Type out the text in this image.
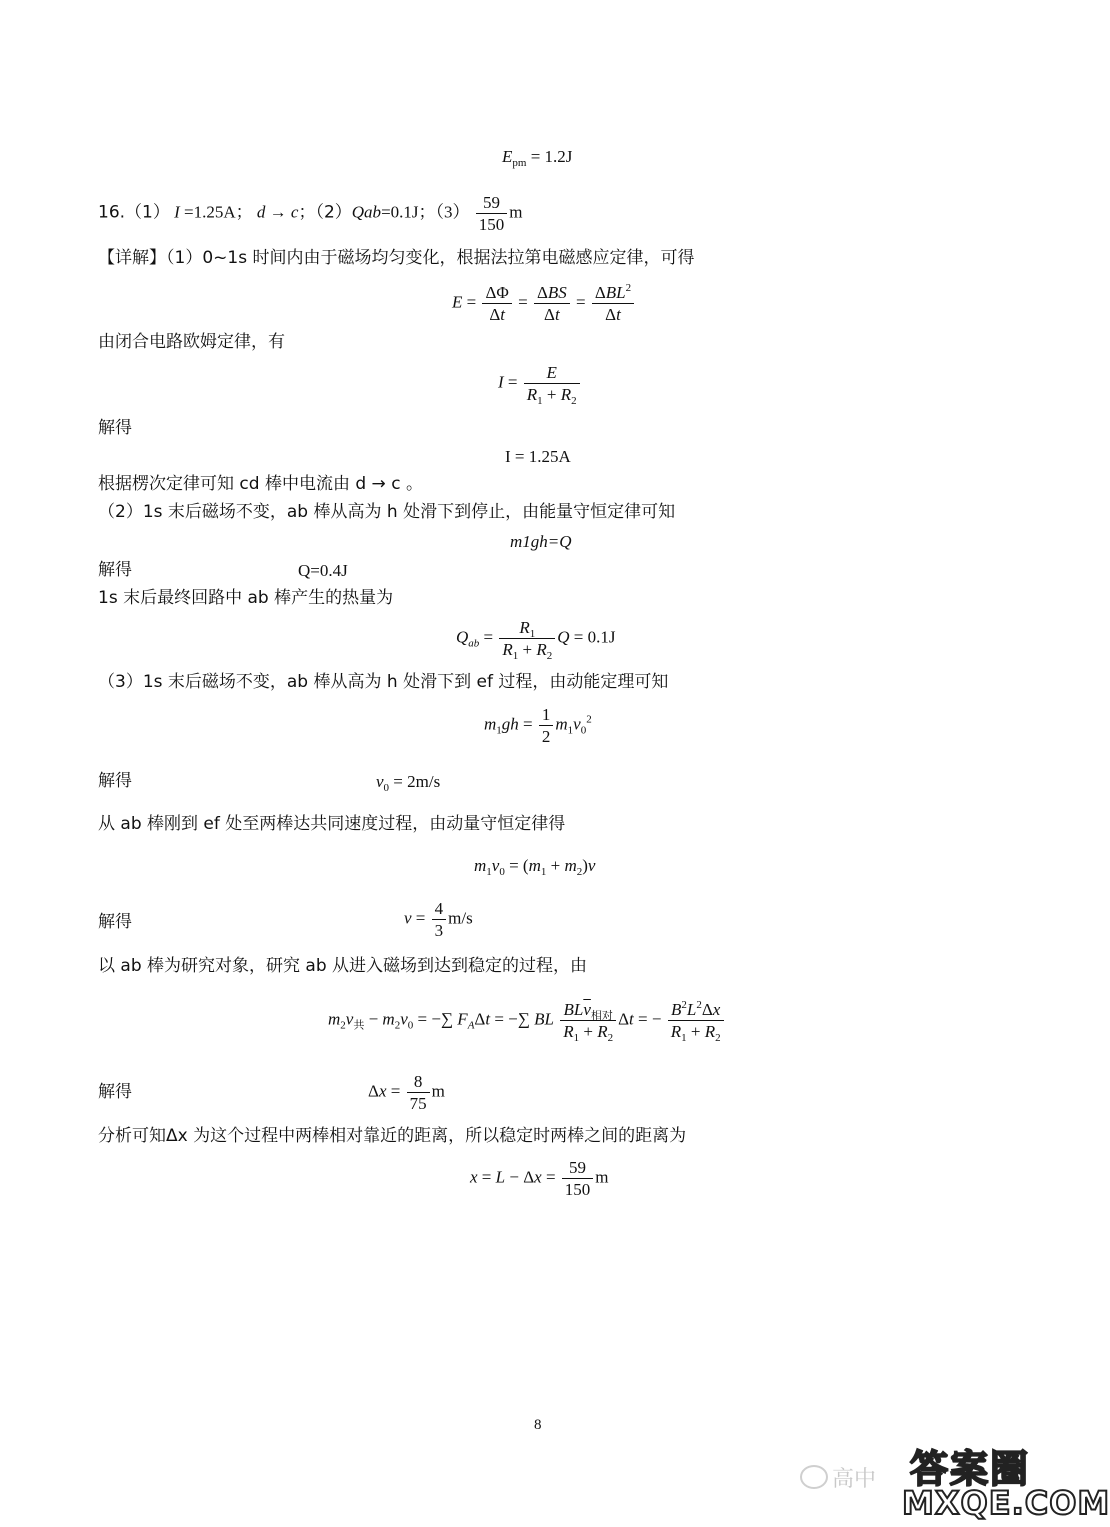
$E_{pm} = 1.2J$
16.（1） I =1.25A； d → c；（2）Qab=0.1J；$(3) \frac{59}{150}$ m
【详解】（1）0~1s 时间内由于磁场均匀变化，根据法拉第电磁感应定律，可得
$E = \frac{\Delta\Phi}{\Delta t} = \frac{\text{ΔBS}}{\Delta t} = \frac{\Delta BL^2}{\Delta t}$
由闭合电路欧姆定律，有
$I = \frac{E}{R_1 + R_2}$
解得
I = 1.25A
根据楞次定律可知 cd 棒中电流由 d → c 。
（2）1s 末后磁场不变，ab 棒从高为 h 处滑下到停止，由能量守恒定律可知
m1gh=Q
解得	Q=0.4J
1s 末后最终回路中 ab 棒产生的热量为
$Q_{ab} = \frac{R_1}{R_1 + R_2}$ Q = 0.1J
（3）1s 末后磁场不变，ab 棒从高为 h 处滑下到 ef 过程，由动能定理可知
$m_1gh = \frac{1}{2} m_1v_0^2$
解得	$v_0 = 2m/s$
从 ab 棒刚到 ef 处至两棒达共同速度过程，由动量守恒定律得
$m_1v_0 = (m_1 + m_2)v$
解得	$v = \frac{4}{3} m/s$
以 ab 棒为研究对象，研究 ab 从进入磁场到达到稳定的过程，由
$m_2v_共 - m_2v_0$ = −∑ $F_A\Delta t$ = −∑ BL $\frac{BL\overline{v}_{相对}}{R_1 + R_2}$ Δt = − $\frac{B^2L^2\Delta x}{R_1 + R_2}$
解得	$\Delta x = \frac{8}{75}$ m
分析可知Δx 为这个过程中两棒相对靠近的距离，所以稳定时两棒之间的距离为
$x = L - \Delta x = \frac{59}{150}$ m
8
高中 答案圈
MXQE.COM
